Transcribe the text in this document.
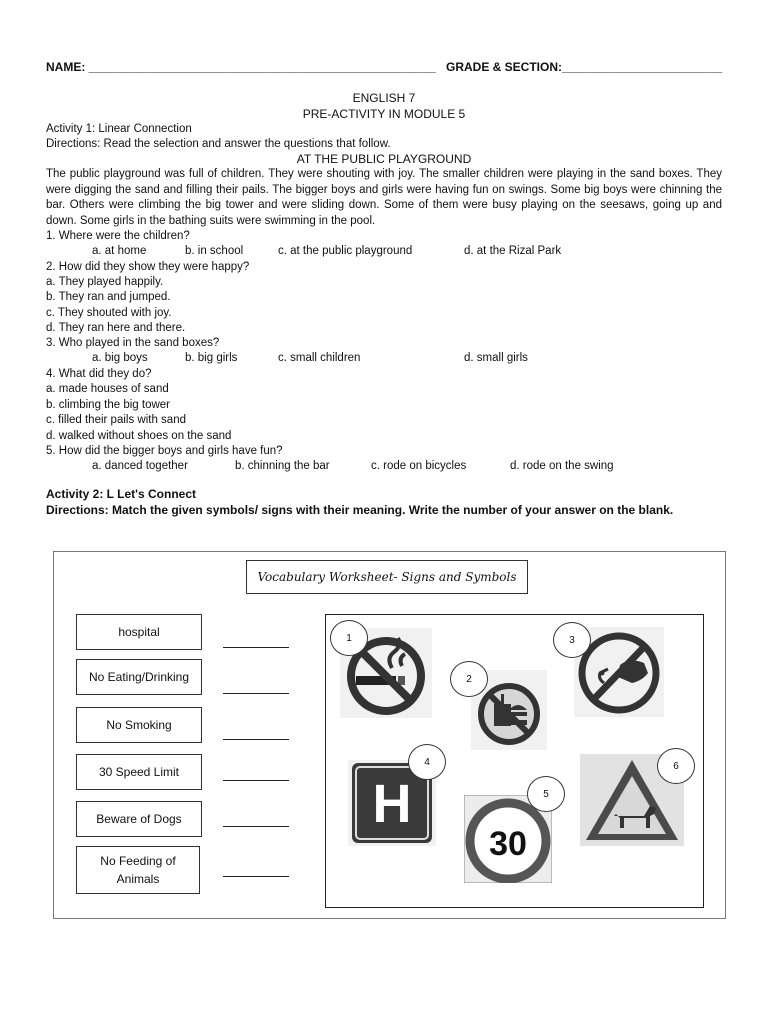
NAME: ____________________________________________________ GRADE & SECTION:________________________
ENGLISH 7
PRE-ACTIVITY IN MODULE 5
Activity 1: Linear Connection
Directions: Read the selection and answer the questions that follow.
AT THE PUBLIC PLAYGROUND
The public playground was full of children. They were shouting with joy. The smaller children were playing in the sand boxes. They were digging the sand and filling their pails. The bigger boys and girls were having fun on swings. Some big boys were chinning the bar. Others were climbing the big tower and were sliding down. Some of them were busy playing on the seesaws, going up and down. Some girls in the bathing suits were swimming in the pool.
1. Where were the children?
a. at home	b. in school	c. at the public playground	d. at the Rizal Park
2. How did they show they were happy?
a. They played happily.
b. They ran and jumped.
c. They shouted with joy.
d. They ran here and there.
3. Who played in the sand boxes?
a. big boys	b. big girls	c. small children	d. small girls
4. What did they do?
a. made houses of sand
b. climbing the big tower
c. filled their pails with sand
d. walked without shoes on the sand
5. How did the bigger boys and girls have fun?
a. danced together	b. chinning the bar	c. rode on bicycles	d. rode on the swing
Activity 2: L Let's Connect
Directions: Match the given symbols/ signs with their meaning. Write the number of your answer on the blank.
Vocabulary Worksheet- Signs and Symbols
hospital
No Eating/Drinking
No Smoking
30 Speed Limit
Beware of Dogs
No Feeding of Animals
1
2
3
H
4
30
5
6
